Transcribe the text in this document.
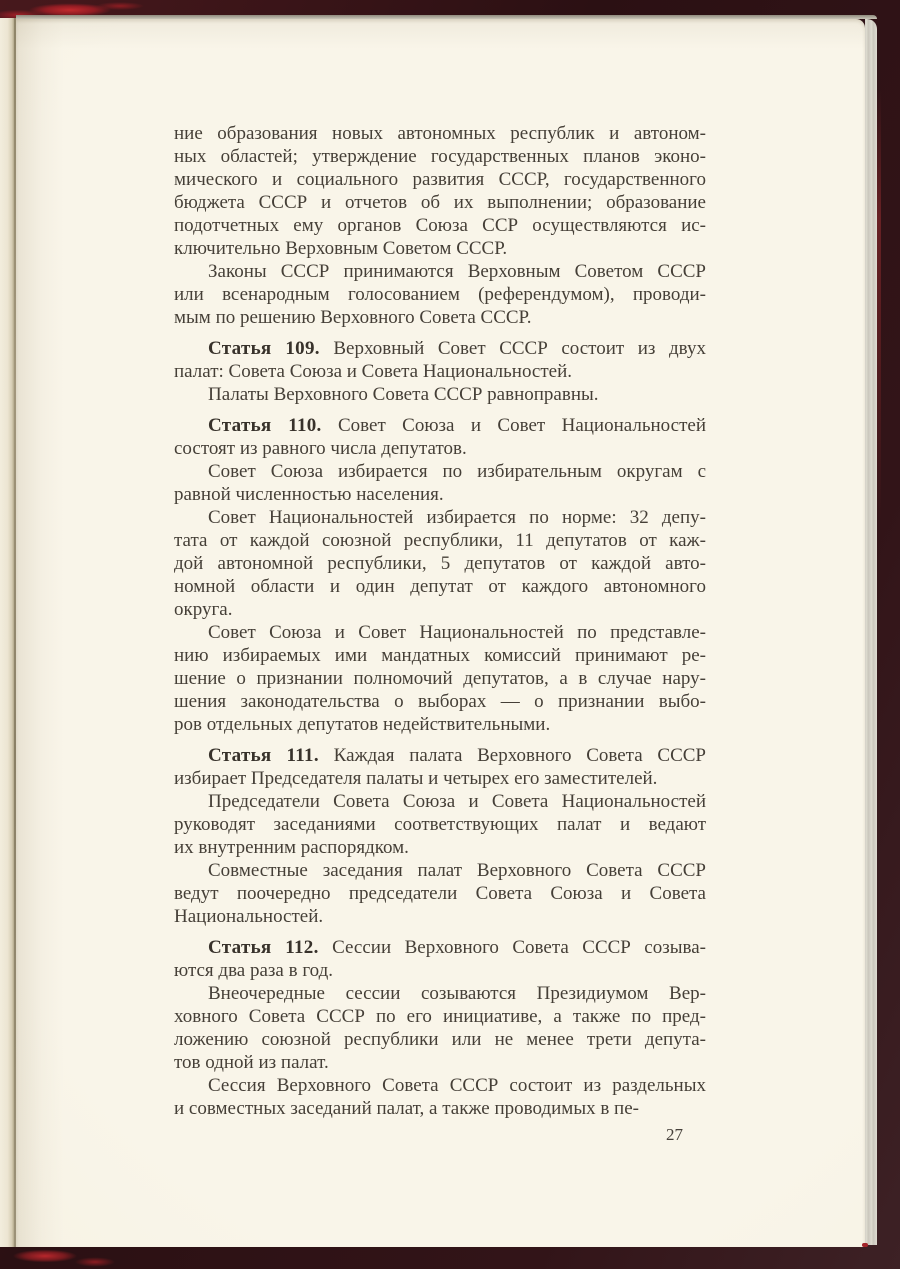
ние образования новых автономных республик и автоном-
ных областей; утверждение государственных планов эконо-
мического и социального развития СССР, государственного
бюджета СССР и отчетов об их выполнении; образование
подотчетных ему органов Союза ССР осуществляются ис-
ключительно Верховным Советом СССР.
Законы СССР принимаются Верховным Советом СССР
или всенародным голосованием (референдумом), проводи-
мым по решению Верховного Совета СССР.
Статья 109. Верховный Совет СССР состоит из двух
палат: Совета Союза и Совета Национальностей.
Палаты Верховного Совета СССР равноправны.
Статья 110. Совет Союза и Совет Национальностей
состоят из равного числа депутатов.
Совет Союза избирается по избирательным округам с
равной численностью населения.
Совет Национальностей избирается по норме: 32 депу-
тата от каждой союзной республики, 11 депутатов от каж-
дой автономной республики, 5 депутатов от каждой авто-
номной области и один депутат от каждого автономного
округа.
Совет Союза и Совет Национальностей по представле-
нию избираемых ими мандатных комиссий принимают ре-
шение о признании полномочий депутатов, а в случае нару-
шения законодательства о выборах — о признании выбо-
ров отдельных депутатов недействительными.
Статья 111. Каждая палата Верховного Совета СССР
избирает Председателя палаты и четырех его заместителей.
Председатели Совета Союза и Совета Национальностей
руководят заседаниями соответствующих палат и ведают
их внутренним распорядком.
Совместные заседания палат Верховного Совета СССР
ведут поочередно председатели Совета Союза и Совета
Национальностей.
Статья 112. Сессии Верховного Совета СССР созыва-
ются два раза в год.
Внеочередные сессии созываются Президиумом Вер-
ховного Совета СССР по его инициативе, а также по пред-
ложению союзной республики или не менее трети депута-
тов одной из палат.
Сессия Верховного Совета СССР состоит из раздельных
и совместных заседаний палат, а также проводимых в пе-
27
